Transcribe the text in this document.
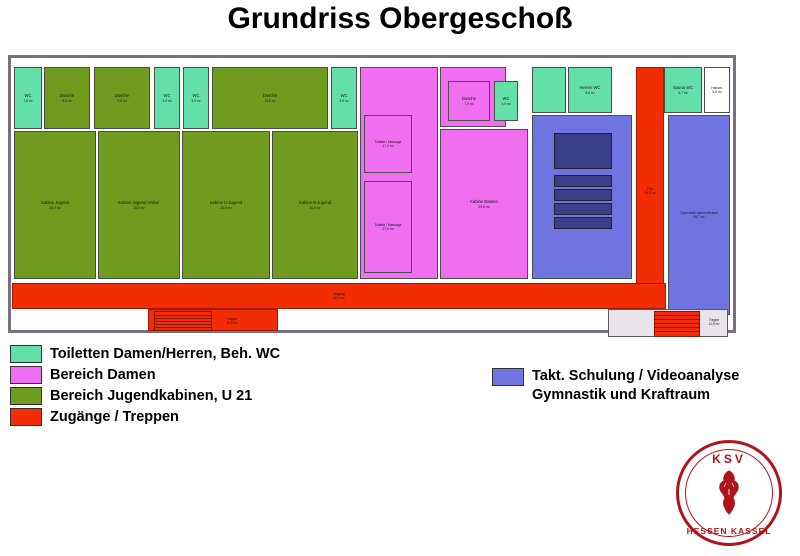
Grundriss Obergeschoß
WC
7,8 m²
Dusche
9,6 m²
Dusche
9,6 m²
WC
3,9 m²
WC
3,9 m²
Dusche
14,8 m²
WC
3,9 m²
Kabine Jugend
26,9 m²
Kabine Jugend Hölzer
26,9 m²
Kabine U-Jugend
26,9 m²
Kabine B-Jugend
26,9 m²
Toilette / Massage
17,4 m²
Toilette / Massage
17,4 m²
Dusche
7,9 m²
WC
3,9 m²
Kabine Damen
29,8 m²
Herren WC
8,6 m²
Sauna WC
6,7 m²
Hausm.
5,9 m²
Gymnastik und Kraftraum
49,7 m²
Flur
26,8 m²
Zugang
52,6 m²
Treppe
11,9 m²
Treppe
11,9 m²
Toiletten Damen/Herren, Beh. WC
Bereich Damen
Bereich Jugendkabinen, U 21
Zugänge / Treppen
Takt. Schulung / Videoanalyse
Gymnastik und Kraftraum
KSV
HESSEN KASSEL
